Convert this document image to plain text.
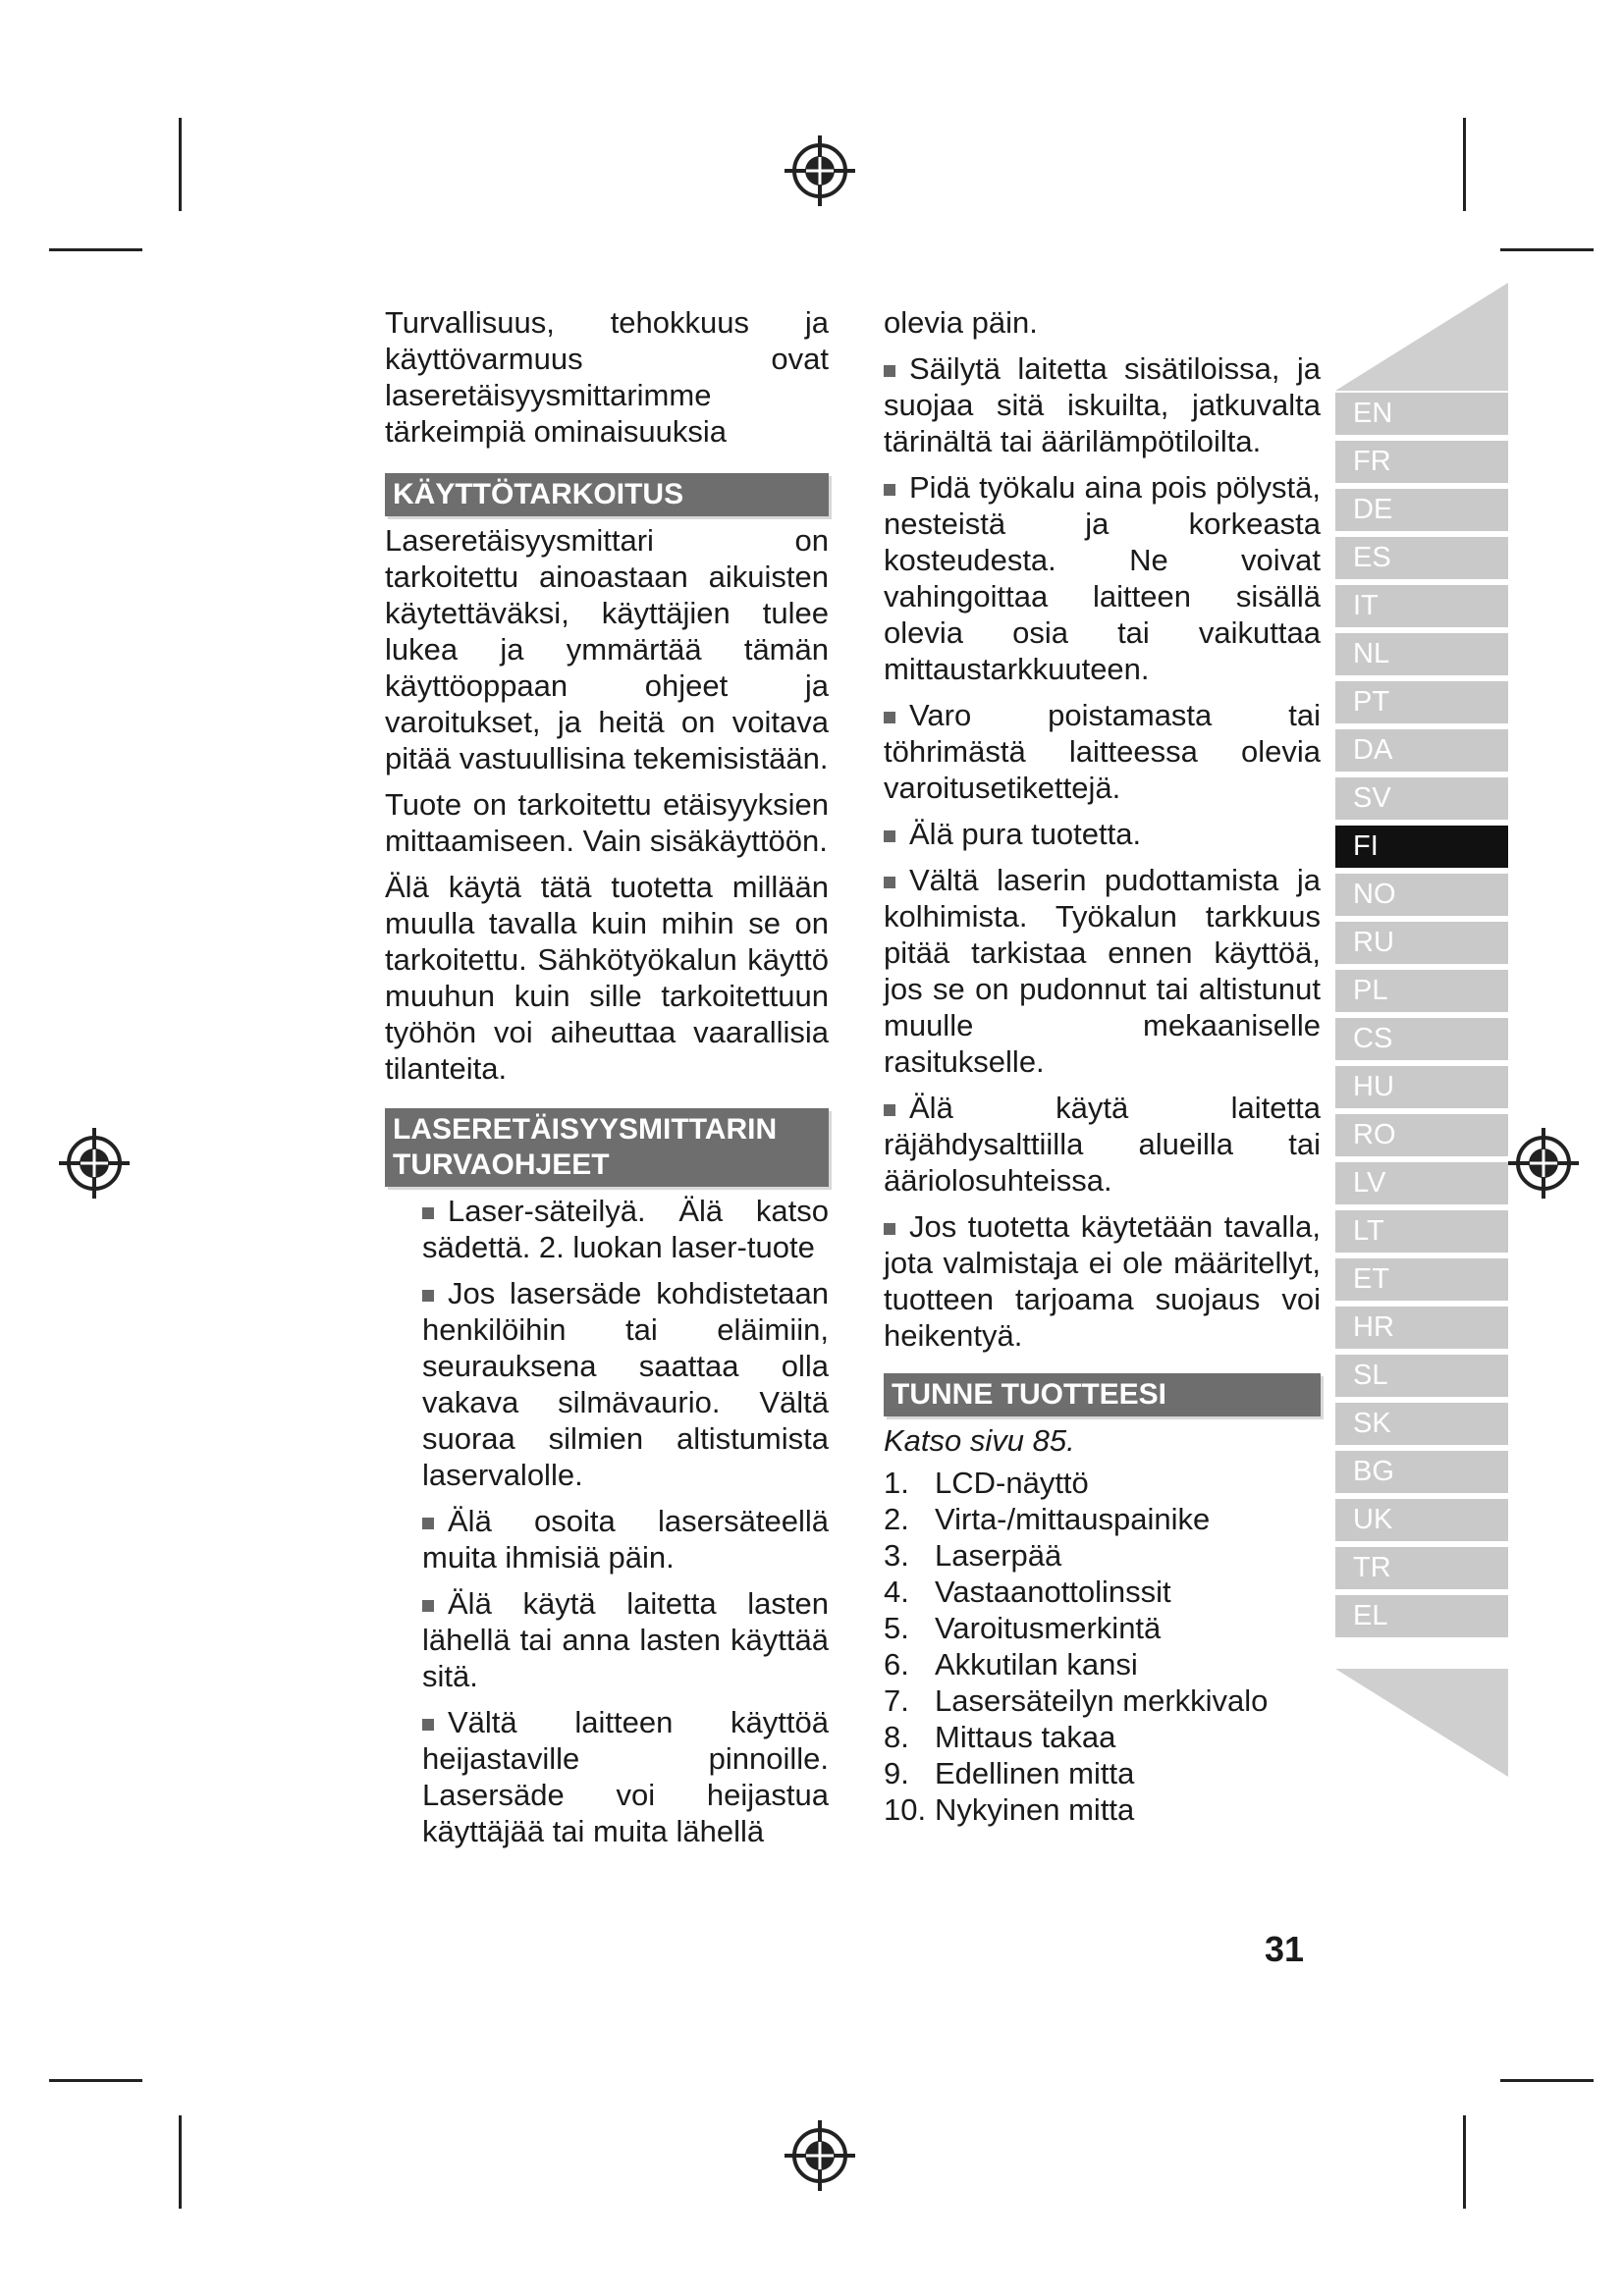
Turvallisuus, tehokkuus ja käyttövarmuus ovat laseretäisyysmittarimme tärkeimpiä ominaisuuksia

KÄYTTÖTARKOITUS

Laseretäisyysmittari on tarkoitettu ainoastaan aikuisten käytettäväksi, käyttäjien tulee lukea ja ymmärtää tämän käyttöoppaan ohjeet ja varoitukset, ja heitä on voitava pitää vastuullisina tekemisistään.

Tuote on tarkoitettu etäisyyksien mittaamiseen. Vain sisäkäyttöön.

Älä käytä tätä tuotetta millään muulla tavalla kuin mihin se on tarkoitettu. Sähkötyökalun käyttö muuhun kuin sille tarkoitettuun työhön voi aiheuttaa vaarallisia tilanteita.

LASERETÄISYYSMITTARIN
TURVAOHJEET
Laser-säteilyä. Älä katso sädettä. 2. luokan laser-tuote
Jos lasersäde kohdistetaan henkilöihin tai eläimiin, seurauksena saattaa olla vakava silmävaurio. Vältä suoraa silmien altistumista laservalolle.
Älä osoita lasersäteellä muita ihmisiä päin.
Älä käytä laitetta lasten lähellä tai anna lasten käyttää sitä.
Vältä laitteen käyttöä heijastaville pinnoille. Lasersäde voi heijastua käyttäjää tai muita lähellä

olevia päin.

Säilytä laitetta sisätiloissa, ja suojaa sitä iskuilta, jatkuvalta tärinältä tai äärilämpötiloilta.
Pidä työkalu aina pois pölystä, nesteistä ja korkeasta kosteudesta. Ne voivat vahingoittaa laitteen sisällä olevia osia tai vaikuttaa mittaustarkkuuteen.
Varo poistamasta tai töhrimästä laitteessa olevia varoitusetikettejä.
Älä pura tuotetta.
Vältä laserin pudottamista ja kolhimista. Työkalun tarkkuus pitää tarkistaa ennen käyttöä, jos se on pudonnut tai altistunut muulle mekaaniselle rasitukselle.
Älä käytä laitetta räjähdysalttiilla alueilla tai ääriolosuhteissa.
Jos tuotetta käytetään tavalla, jota valmistaja ei ole määritellyt, tuotteen tarjoama suojaus voi heikentyä.
TUNNE TUOTTEESI

Katso sivu 85.

1. LCD-näyttö
2. Virta-/mittauspainike
3. Laserpää
4. Vastaanottolinssit
5. Varoitusmerkintä
6. Akkutilan kansi
7. Lasersäteilyn merkkivalo
8. Mittaus takaa
9. Edellinen mitta
10. Nykyinen mitta
EN
FR
DE
ES
IT
NL
PT
DA
SV
FI
NO
RU
PL
CS
HU
RO
LV
LT
ET
HR
SL
SK
BG
UK
TR
EL
31
